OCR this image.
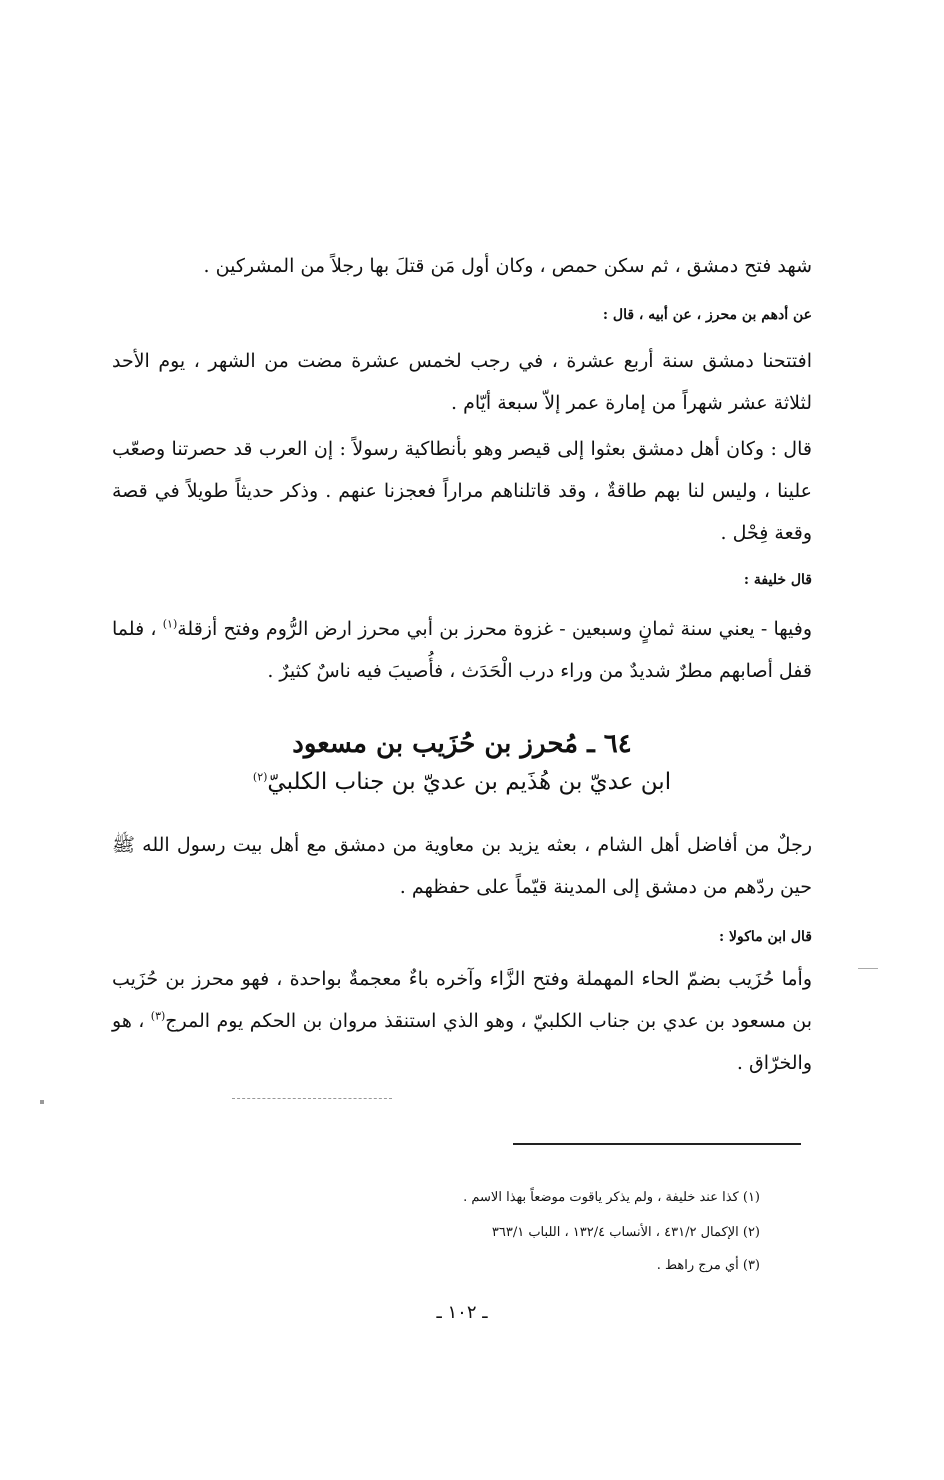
شهد فتح دمشق ، ثم سكن حمص ، وكان أول مَن قتلَ بها رجلاً من المشركين .
عن أدهم بن محرز ، عن أبيه ، قال :
افتتحنا دمشق سنة أربع عشرة ، في رجب لخمس عشرة مضت من الشهر ، يوم الأحد لثلاثة عشر شهراً من إمارة عمر إلاّ سبعة أيّام .
قال : وكان أهل دمشق بعثوا إلى قيصر وهو بأنطاكية رسولاً : إن العرب قد حصرتنا وصعّب علينا ، وليس لنا بهم طاقةٌ ، وقد قاتلناهم مراراً فعجزنا عنهم . وذكر حديثاً طويلاً في قصة وقعة فِحْل .
قال خليفة :
وفيها - يعني سنة ثمانٍ وسبعين - غزوة محرز بن أبي محرز ارض الرُّوم وفتح أزقلة$^{(١)}$ ، فلما قفل أصابهم مطرٌ شديدٌ من وراء درب الْحَدَث ، فأُصيبَ فيه ناسٌ كثيرٌ .
٦٤ ـ مُحرز بن حُزَيب بن مسعود
ابن عديّ بن هُذَيم بن عديّ بن جناب الكلبيّ$^{(٢)}$
رجلٌ من أفاضل أهل الشام ، بعثه يزيد بن معاوية من دمشق مع أهل بيت رسول الله ﷺ حين ردّهم من دمشق إلى المدينة قيّماً على حفظهم .
قال ابن ماكولا :
وأما حُزَيب بضمّ الحاء المهملة وفتح الزَّاء وآخره باءٌ معجمةٌ بواحدة ، فهو محرز بن حُزَيب بن مسعود بن عدي بن جناب الكلبيّ ، وهو الذي استنقذ مروان بن الحكم يوم المرج$^{(٣)}$ ، هو والخرّاق .
(١) كذا عند خليفة ، ولم يذكر ياقوت موضعاً بهذا الاسم .
(٢) الإكمال ٤٣١/٢ ، الأنساب ١٣٢/٤ ، اللباب ٣٦٣/١
(٣) أي مرج راهط .
ـ ١٠٢ ـ
